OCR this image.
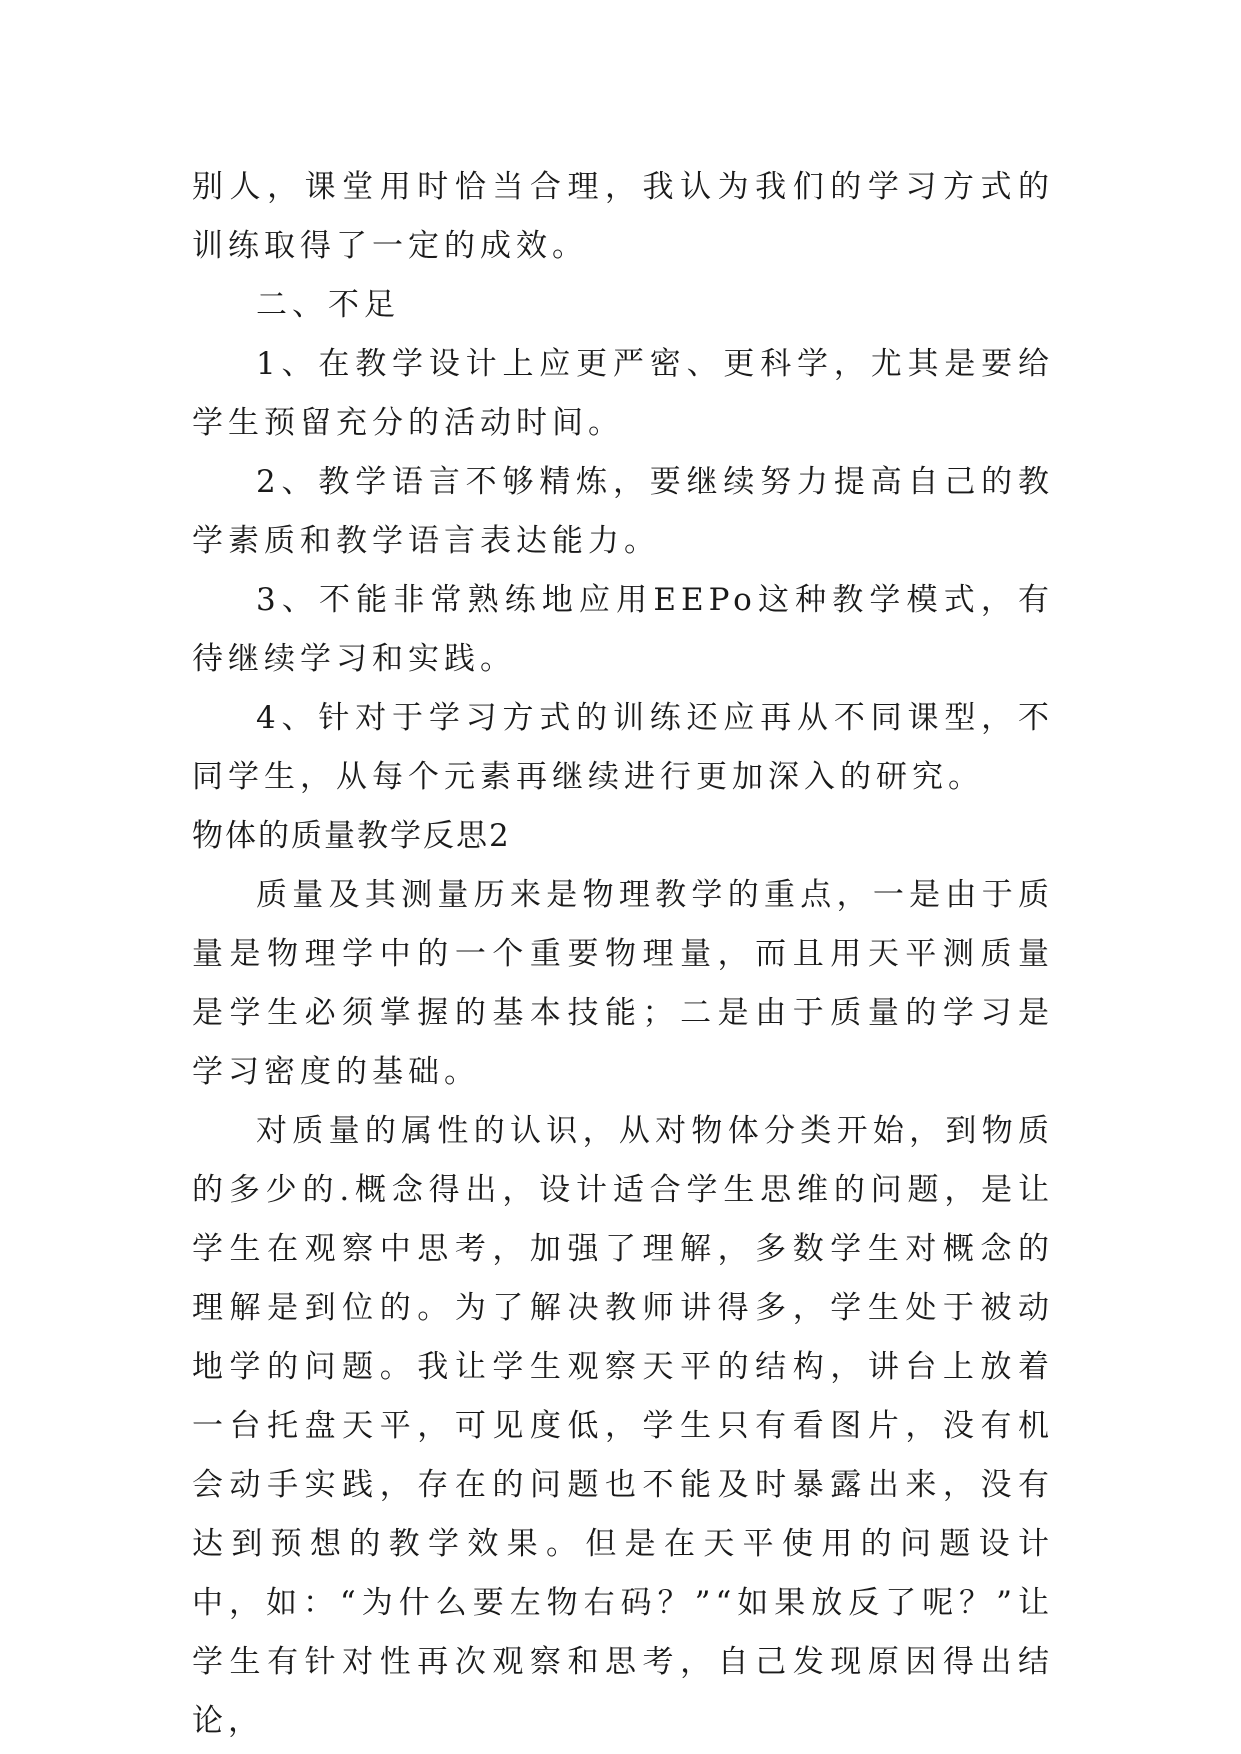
别人，课堂用时恰当合理，我认为我们的学习方式的训练取得了一定的成效。

二、不足

1、在教学设计上应更严密、更科学，尤其是要给学生预留充分的活动时间。

2、教学语言不够精炼，要继续努力提高自己的教学素质和教学语言表达能力。

3、不能非常熟练地应用EEPo这种教学模式，有待继续学习和实践。

4、针对于学习方式的训练还应再从不同课型，不同学生，从每个元素再继续进行更加深入的研究。

物体的质量教学反思2

质量及其测量历来是物理教学的重点，一是由于质量是物理学中的一个重要物理量，而且用天平测质量是学生必须掌握的基本技能；二是由于质量的学习是学习密度的基础。

对质量的属性的认识，从对物体分类开始，到物质的多少的.概念得出，设计适合学生思维的问题，是让学生在观察中思考，加强了理解，多数学生对概念的理解是到位的。为了解决教师讲得多，学生处于被动地学的问题。我让学生观察天平的结构，讲台上放着一台托盘天平，可见度低，学生只有看图片，没有机会动手实践，存在的问题也不能及时暴露出来，没有达到预想的教学效果。但是在天平使用的问题设计中，如：“为什么要左物右码？”“如果放反了呢？”让学生有针对性再次观察和思考，自己发现原因得出结论，
